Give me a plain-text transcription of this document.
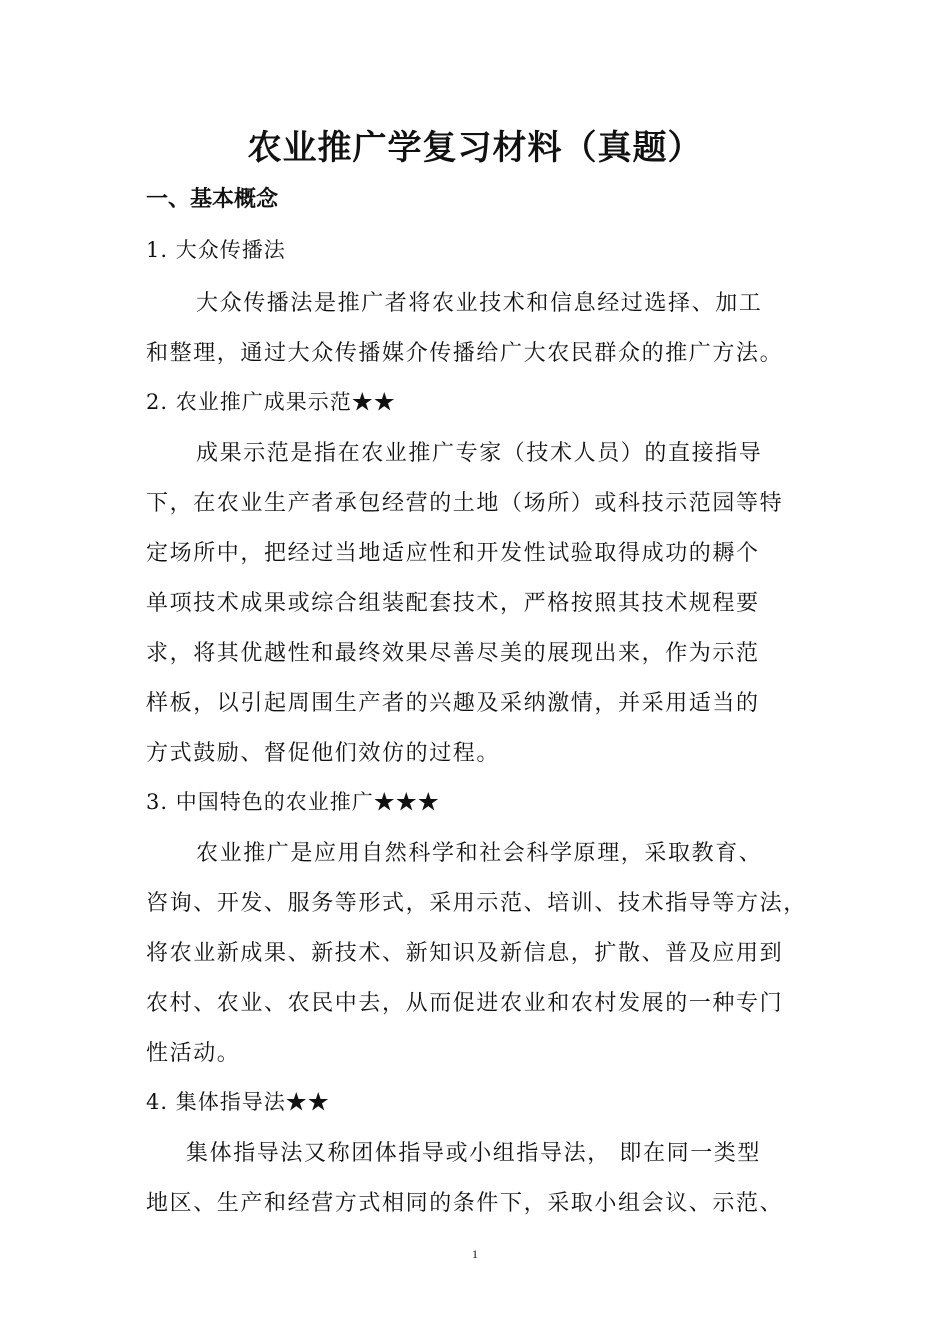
农业推广学复习材料（真题）
一、基本概念
1. 大众传播法
大众传播法是推广者将农业技术和信息经过选择、加工
和整理，通过大众传播媒介传播给广大农民群众的推广方法。
2. 农业推广成果示范★★
成果示范是指在农业推广专家（技术人员）的直接指导
下，在农业生产者承包经营的土地（场所）或科技示范园等特
定场所中，把经过当地适应性和开发性试验取得成功的耨个
单项技术成果或综合组装配套技术，严格按照其技术规程要
求，将其优越性和最终效果尽善尽美的展现出来，作为示范
样板，以引起周围生产者的兴趣及采纳激情，并采用适当的
方式鼓励、督促他们效仿的过程。
3. 中国特色的农业推广★★★
农业推广是应用自然科学和社会科学原理，采取教育、
咨询、开发、服务等形式，采用示范、培训、技术指导等方法，
将农业新成果、新技术、新知识及新信息，扩散、普及应用到
农村、农业、农民中去，从而促进农业和农村发展的一种专门
性活动。
4. 集体指导法★★
集体指导法又称团体指导或小组指导法， 即在同一类型
地区、生产和经营方式相同的条件下，采取小组会议、示范、
1
